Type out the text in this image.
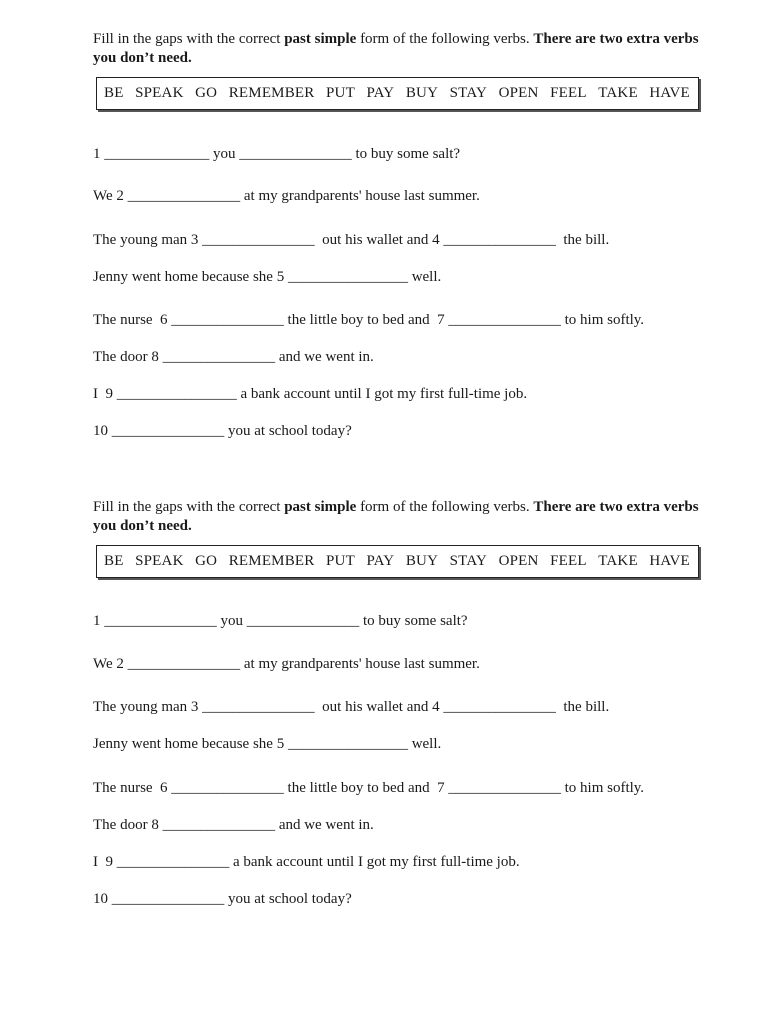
Fill in the gaps with the correct past simple form of the following verbs. There are two extra verbs you don’t need.

BE SPEAK GO REMEMBER PUT PAY BUY STAY OPEN FEEL TAKE HAVE

1 ______________ you _______________ to buy some salt?

We 2 _______________ at my grandparents' house last summer.

The young man 3 _______________  out his wallet and 4 _______________  the bill.

Jenny went home because she 5 ________________ well.

The nurse  6 _______________ the little boy to bed and  7 _______________ to him softly.

The door 8 _______________ and we went in.

I  9 ________________ a bank account until I got my first full-time job.

10 _______________ you at school today?

Fill in the gaps with the correct past simple form of the following verbs. There are two extra verbs you don’t need.

BE SPEAK GO REMEMBER PUT PAY BUY STAY OPEN FEEL TAKE HAVE

1 _______________ you _______________ to buy some salt?

We 2 _______________ at my grandparents' house last summer.

The young man 3 _______________  out his wallet and 4 _______________  the bill.

Jenny went home because she 5 ________________ well.

The nurse  6 _______________ the little boy to bed and  7 _______________ to him softly.

The door 8 _______________ and we went in.

I  9 _______________ a bank account until I got my first full-time job.

10 _______________ you at school today?
